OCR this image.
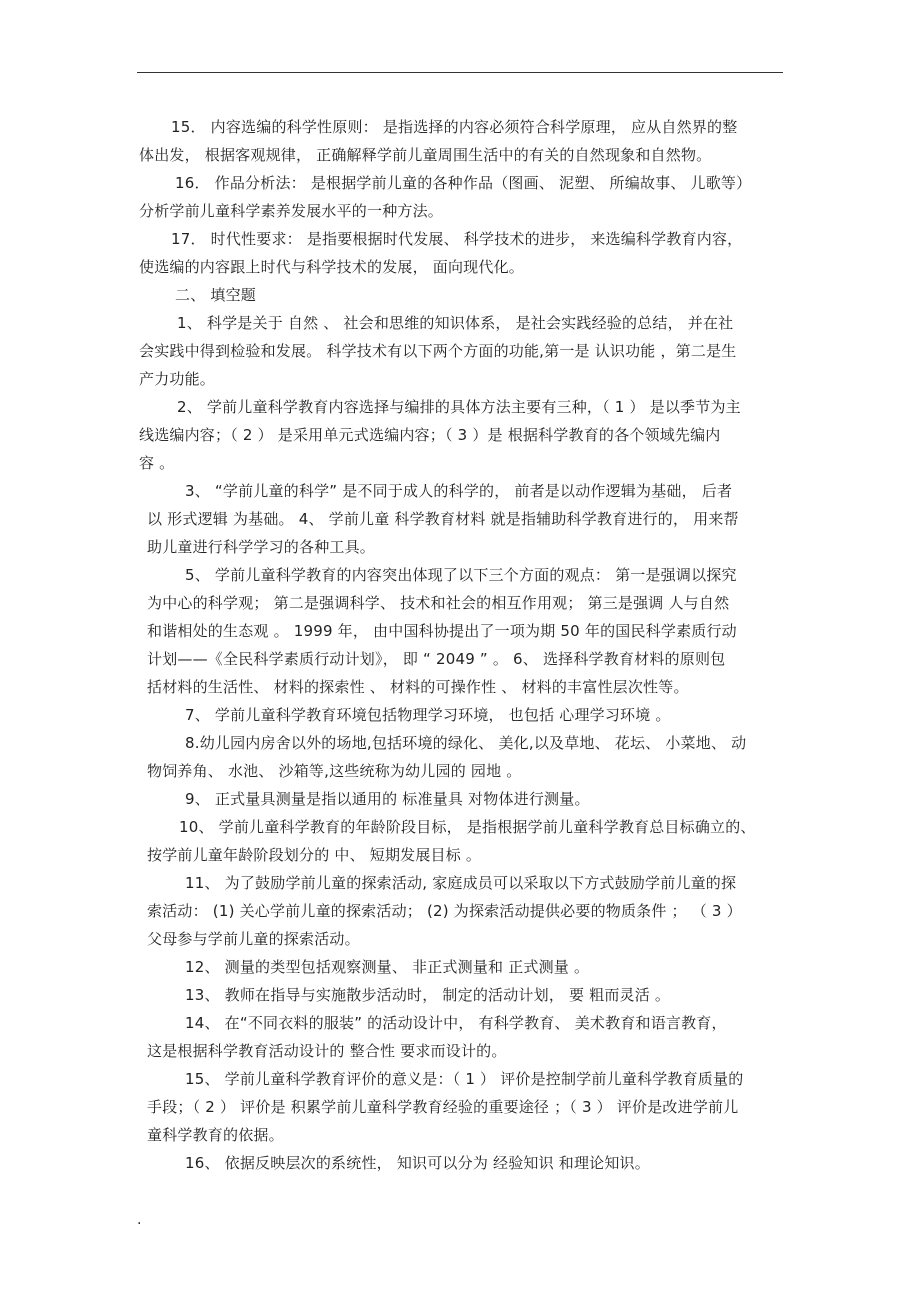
15． 内容选编的科学性原则： 是指选择的内容必须符合科学原理， 应从自然界的整
体出发， 根据客观规律， 正确解释学前儿童周围生活中的有关的自然现象和自然物。
16． 作品分析法： 是根据学前儿童的各种作品（图画、 泥塑、 所编故事、 儿歌等）
分析学前儿童科学素养发展水平的一种方法。
17． 时代性要求： 是指要根据时代发展、 科学技术的进步， 来选编科学教育内容，
使选编的内容跟上时代与科学技术的发展， 面向现代化。
二、 填空题
1、 科学是关于 自然 、 社会和思维的知识体系， 是社会实践经验的总结， 并在社
会实践中得到检验和发展。 科学技术有以下两个方面的功能,第一是 认识功能 ，第二是生
产力功能。
2、 学前儿童科学教育内容选择与编排的具体方法主要有三种，（ 1 ） 是以季节为主
线选编内容；（ 2 ） 是采用单元式选编内容；（ 3 ）是 根据科学教育的各个领域先编内
容 。
3、 “学前儿童的科学” 是不同于成人的科学的， 前者是以动作逻辑为基础， 后者
以 形式逻辑 为基础。 4、 学前儿童 科学教育材料 就是指辅助科学教育进行的， 用来帮
助儿童进行科学学习的各种工具。
5、 学前儿童科学教育的内容突出体现了以下三个方面的观点： 第一是强调以探究
为中心的科学观； 第二是强调科学、 技术和社会的相互作用观； 第三是强调 人与自然
和谐相处的生态观 。 1999 年， 由中国科协提出了一项为期 50 年的国民科学素质行动
计划——《全民科学素质行动计划》， 即 “ 2049 ” 。 6、 选择科学教育材料的原则包
括材料的生活性、 材料的探索性 、 材料的可操作性 、 材料的丰富性层次性等。
7、 学前儿童科学教育环境包括物理学习环境， 也包括 心理学习环境 。
8.幼儿园内房舍以外的场地,包括环境的绿化、 美化,以及草地、 花坛、 小菜地、 动
物饲养角、 水池、 沙箱等,这些统称为幼儿园的 园地 。
9、 正式量具测量是指以通用的 标准量具 对物体进行测量。
10、 学前儿童科学教育的年龄阶段目标， 是指根据学前儿童科学教育总目标确立的、
按学前儿童年龄阶段划分的 中、 短期发展目标 。
11、 为了鼓励学前儿童的探索活动, 家庭成员可以采取以下方式鼓励学前儿童的探
索活动： (1) 关心学前儿童的探索活动； (2) 为探索活动提供必要的物质条件 ； （ 3 ）
父母参与学前儿童的探索活动。
12、 测量的类型包括观察测量、 非正式测量和 正式测量 。
13、 教师在指导与实施散步活动时， 制定的活动计划， 要 粗而灵活 。
14、 在“不同衣料的服装” 的活动设计中， 有科学教育、 美术教育和语言教育，
这是根据科学教育活动设计的 整合性 要求而设计的。
15、 学前儿童科学教育评价的意义是：（ 1 ） 评价是控制学前儿童科学教育质量的
手段；（ 2 ） 评价是 积累学前儿童科学教育经验的重要途径 ；（ 3 ） 评价是改进学前儿
童科学教育的依据。
16、 依据反映层次的系统性， 知识可以分为 经验知识 和理论知识。
.
